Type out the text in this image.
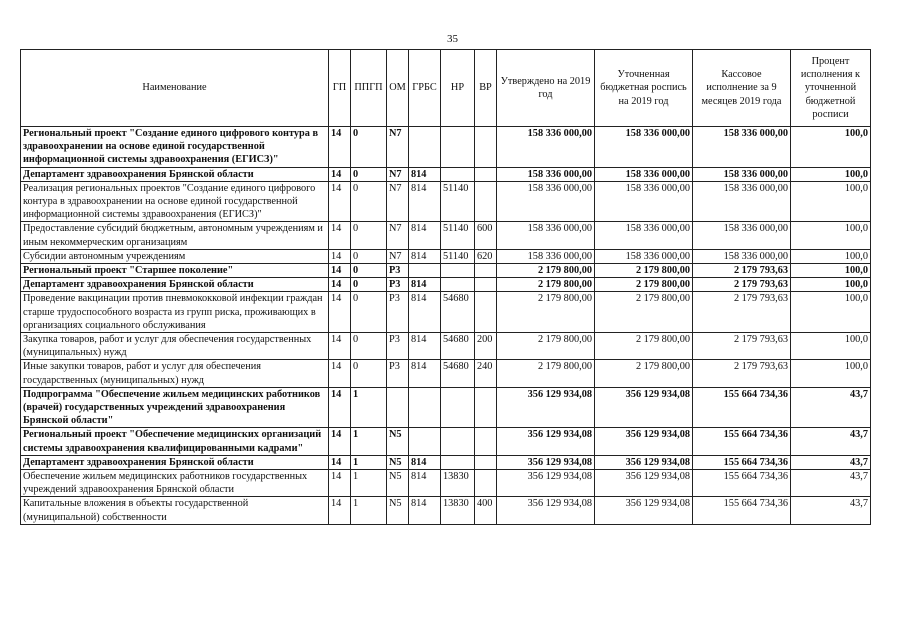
35
Наименование	ГП	ППГП	ОМ	ГРБС	НР	ВР	Утверждено на 2019 год	Уточненная бюджетная роспись на 2019 год	Кассовое исполнение за 9 месяцев 2019 года	Процент исполнения к уточненной бюджетной росписи
Региональный проект "Создание единого цифрового контура в здравоохранении на основе единой государственной информационной системы здравоохранения (ЕГИСЗ)"	14	0	N7				158 336 000,00	158 336 000,00	158 336 000,00	100,0
Департамент здравоохранения Брянской области	14	0	N7	814			158 336 000,00	158 336 000,00	158 336 000,00	100,0
Реализация региональных проектов "Создание единого цифрового контура в здравоохранении на основе единой государственной информационной системы здравоохранения (ЕГИСЗ)"	14	0	N7	814	51140		158 336 000,00	158 336 000,00	158 336 000,00	100,0
Предоставление субсидий бюджетным, автономным учреждениям и иным некоммерческим организациям	14	0	N7	814	51140	600	158 336 000,00	158 336 000,00	158 336 000,00	100,0
Субсидии автономным учреждениям	14	0	N7	814	51140	620	158 336 000,00	158 336 000,00	158 336 000,00	100,0
Региональный проект "Старшее поколение"	14	0	P3				2 179 800,00	2 179 800,00	2 179 793,63	100,0
Департамент здравоохранения Брянской области	14	0	P3	814			2 179 800,00	2 179 800,00	2 179 793,63	100,0
Проведение вакцинации против пневмококковой инфекции граждан старше трудоспособного возраста из групп риска, проживающих в организациях социального обслуживания	14	0	P3	814	54680		2 179 800,00	2 179 800,00	2 179 793,63	100,0
Закупка товаров, работ и услуг для обеспечения государственных (муниципальных) нужд	14	0	P3	814	54680	200	2 179 800,00	2 179 800,00	2 179 793,63	100,0
Иные закупки товаров, работ и услуг для обеспечения государственных (муниципальных) нужд	14	0	P3	814	54680	240	2 179 800,00	2 179 800,00	2 179 793,63	100,0
Подпрограмма "Обеспечение жильем медицинских работников (врачей) государственных учреждений здравоохранения Брянской области"	14	1					356 129 934,08	356 129 934,08	155 664 734,36	43,7
Региональный проект "Обеспечение медицинских организаций системы здравоохранения квалифицированными кадрами"	14	1	N5				356 129 934,08	356 129 934,08	155 664 734,36	43,7
Департамент здравоохранения Брянской области	14	1	N5	814			356 129 934,08	356 129 934,08	155 664 734,36	43,7
Обеспечение жильем медицинских работников государственных учреждений здравоохранения Брянской области	14	1	N5	814	13830		356 129 934,08	356 129 934,08	155 664 734,36	43,7
Капитальные вложения в объекты государственной (муниципальной) собственности	14	1	N5	814	13830	400	356 129 934,08	356 129 934,08	155 664 734,36	43,7
